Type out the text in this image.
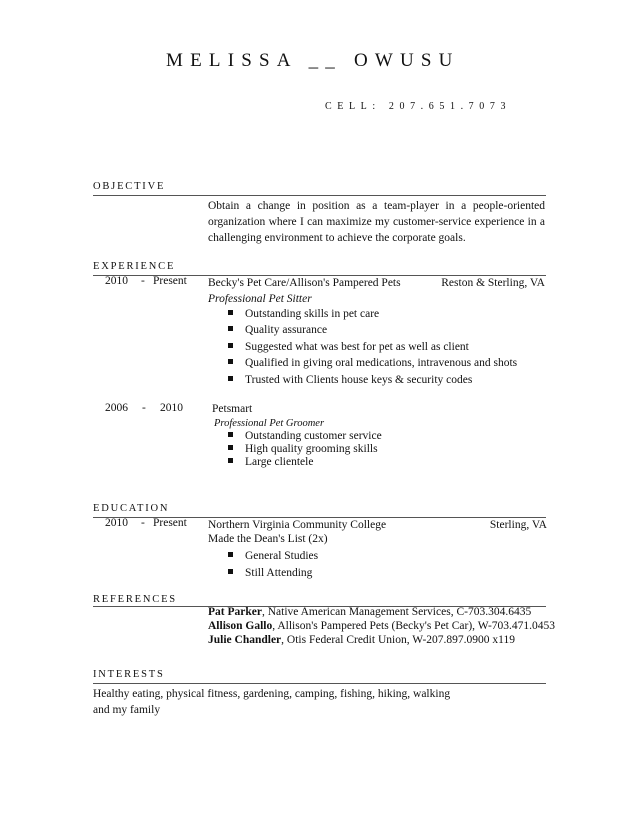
MELISSA __ OWUSU
CELL: 207.651.7073
OBJECTIVE
Obtain a change in position as a team-player in a people-oriented organization where I can maximize my customer-service experience in a challenging environment to achieve the corporate goals.
EXPERIENCE
2010 - Present Becky's Pet Care/Allison's Pampered Pets	Reston & Sterling, VA
Professional Pet Sitter
Outstanding skills in pet care
Quality assurance
Suggested what was best for pet as well as client
Qualified in giving oral medications, intravenous and shots
Trusted with Clients house keys & security codes
2006 - 2010	Petsmart
Professional Pet Groomer
Outstanding customer service
High quality grooming skills
Large clientele
EDUCATION
2010 - Present Northern Virginia Community College	Sterling, VA
Made the Dean's List (2x)
General Studies
Still Attending
REFERENCES
Pat Parker, Native American Management Services, C-703.304.6435
Allison Gallo, Allison's Pampered Pets (Becky's Pet Car), W-703.471.0453
Julie Chandler, Otis Federal Credit Union, W-207.897.0900 x119
INTERESTS
Healthy eating, physical fitness, gardening, camping, fishing, hiking, walking and my family
